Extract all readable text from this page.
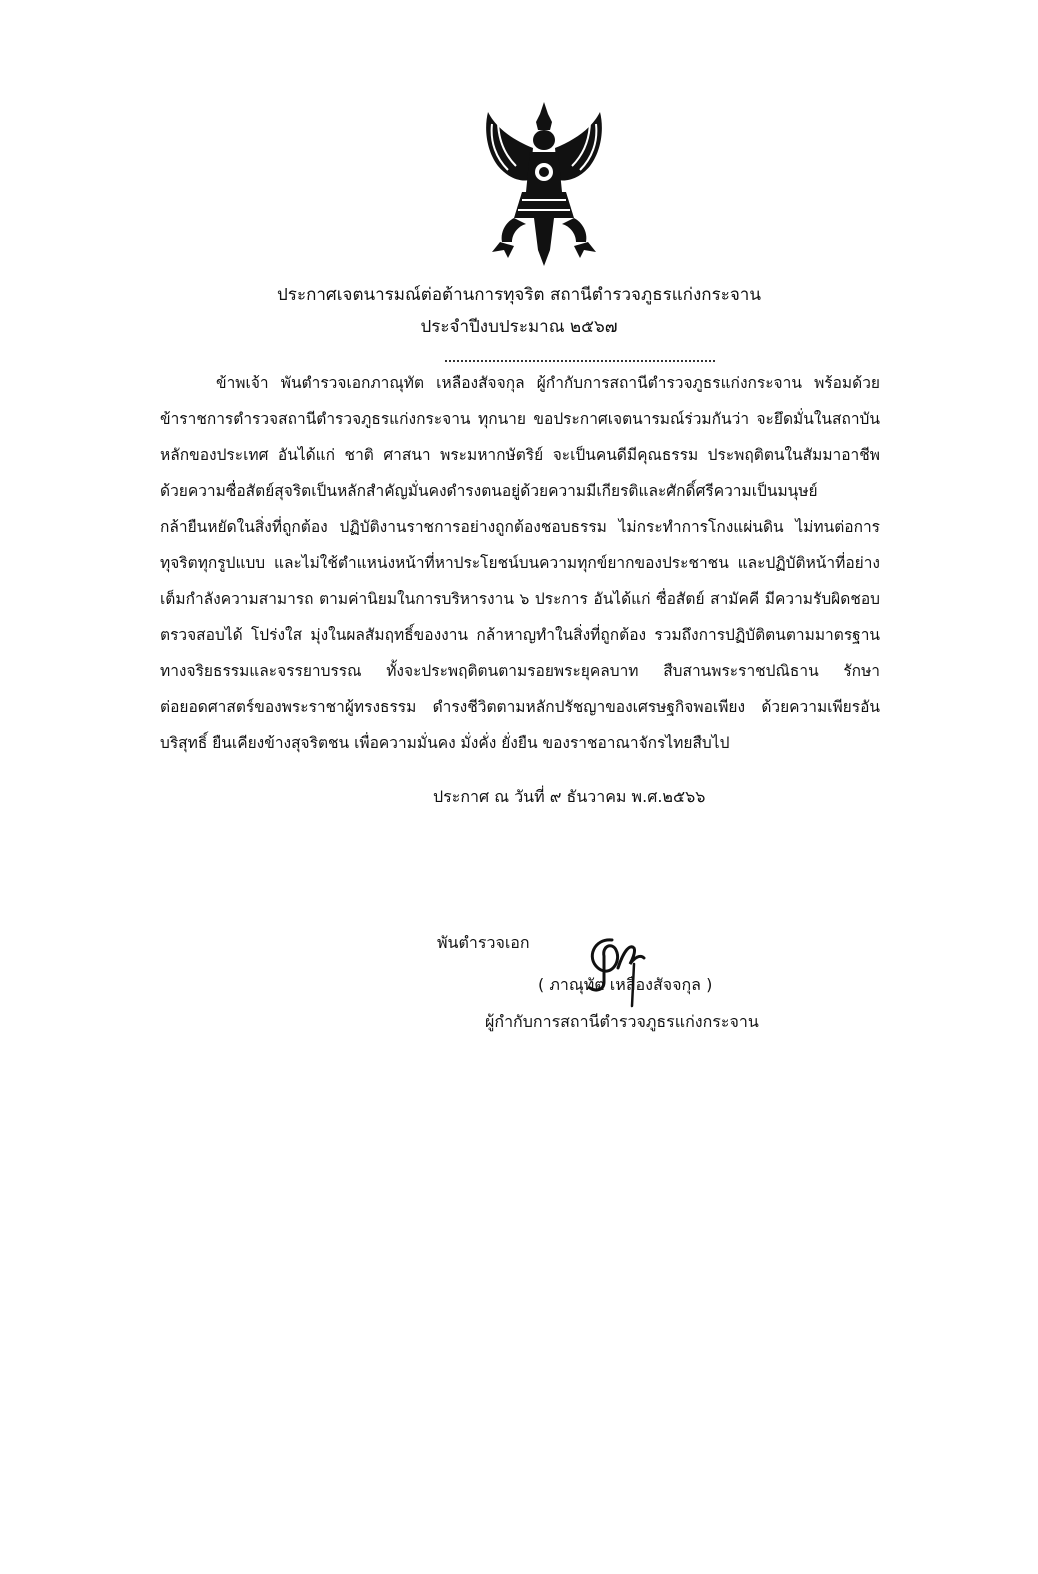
ประกาศเจตนารมณ์ต่อต้านการทุจริต สถานีตำรวจภูธรแก่งกระจาน
ประจำปีงบประมาณ ๒๕๖๗
ข้าพเจ้า พันตำรวจเอกภาณุทัต เหลืองสัจจกุล ผู้กำกับการสถานีตำรวจภูธรแก่งกระจาน พร้อมด้วย
ข้าราชการตำรวจสถานีตำรวจภูธรแก่งกระจาน ทุกนาย ขอประกาศเจตนารมณ์ร่วมกันว่า จะยึดมั่นในสถาบัน
หลักของประเทศ อันได้แก่ ชาติ ศาสนา พระมหากษัตริย์ จะเป็นคนดีมีคุณธรรม ประพฤติตนในสัมมาอาชีพ
ด้วยความซื่อสัตย์สุจริตเป็นหลักสำคัญมั่นคงดำรงตนอยู่ด้วยความมีเกียรติและศักดิ์ศรีความเป็นมนุษย์
กล้ายืนหยัดในสิ่งที่ถูกต้อง ปฏิบัติงานราชการอย่างถูกต้องชอบธรรม ไม่กระทำการโกงแผ่นดิน ไม่ทนต่อการ
ทุจริตทุกรูปแบบ และไม่ใช้ตำแหน่งหน้าที่หาประโยชน์บนความทุกข์ยากของประชาชน และปฏิบัติหน้าที่อย่าง
เต็มกำลังความสามารถ ตามค่านิยมในการบริหารงาน ๖ ประการ อันได้แก่ ซื่อสัตย์ สามัคคี มีความรับผิดชอบ
ตรวจสอบได้ โปร่งใส มุ่งในผลสัมฤทธิ์ของงาน กล้าหาญทำในสิ่งที่ถูกต้อง รวมถึงการปฏิบัติตนตามมาตรฐาน
ทางจริยธรรมและจรรยาบรรณ ทั้งจะประพฤติตนตามรอยพระยุคลบาท สืบสานพระราชปณิธาน รักษา
ต่อยอดศาสตร์ของพระราชาผู้ทรงธรรม ดำรงชีวิตตามหลักปรัชญาของเศรษฐกิจพอเพียง ด้วยความเพียรอัน
บริสุทธิ์ ยืนเคียงข้างสุจริตชน เพื่อความมั่นคง มั่งคั่ง ยั่งยืน ของราชอาณาจักรไทยสืบไป
ประกาศ ณ วันที่ ๙ ธันวาคม พ.ศ.๒๕๖๖
พันตำรวจเอก
( ภาณุทัต เหลืองสัจจกุล )
ผู้กำกับการสถานีตำรวจภูธรแก่งกระจาน
